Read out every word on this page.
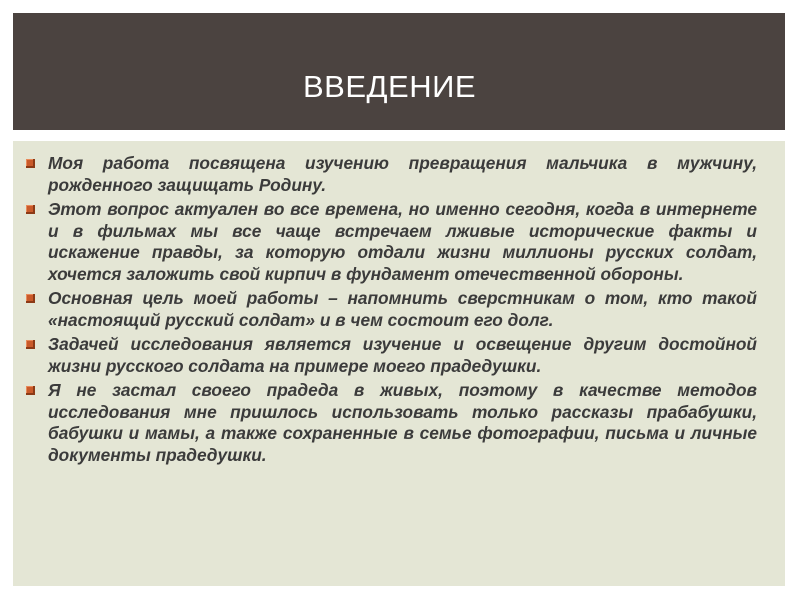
ВВЕДЕНИЕ
Моя работа посвящена изучению превращения мальчика в мужчину, рожденного защищать Родину.
Этот вопрос актуален во все времена, но именно сегодня, когда в интернете и в фильмах мы все чаще встречаем лживые исторические факты и искажение правды, за которую отдали жизни миллионы русских солдат, хочется заложить свой кирпич в фундамент отечественной обороны.
Основная цель моей работы – напомнить сверстникам о том, кто такой «настоящий русский солдат» и в чем состоит его долг.
Задачей исследования является изучение и освещение другим достойной жизни русского солдата на примере моего прадедушки.
Я не застал своего прадеда в живых, поэтому в качестве методов исследования мне пришлось использовать только рассказы прабабушки, бабушки и мамы, а также сохраненные в семье фотографии, письма и личные документы прадедушки.
